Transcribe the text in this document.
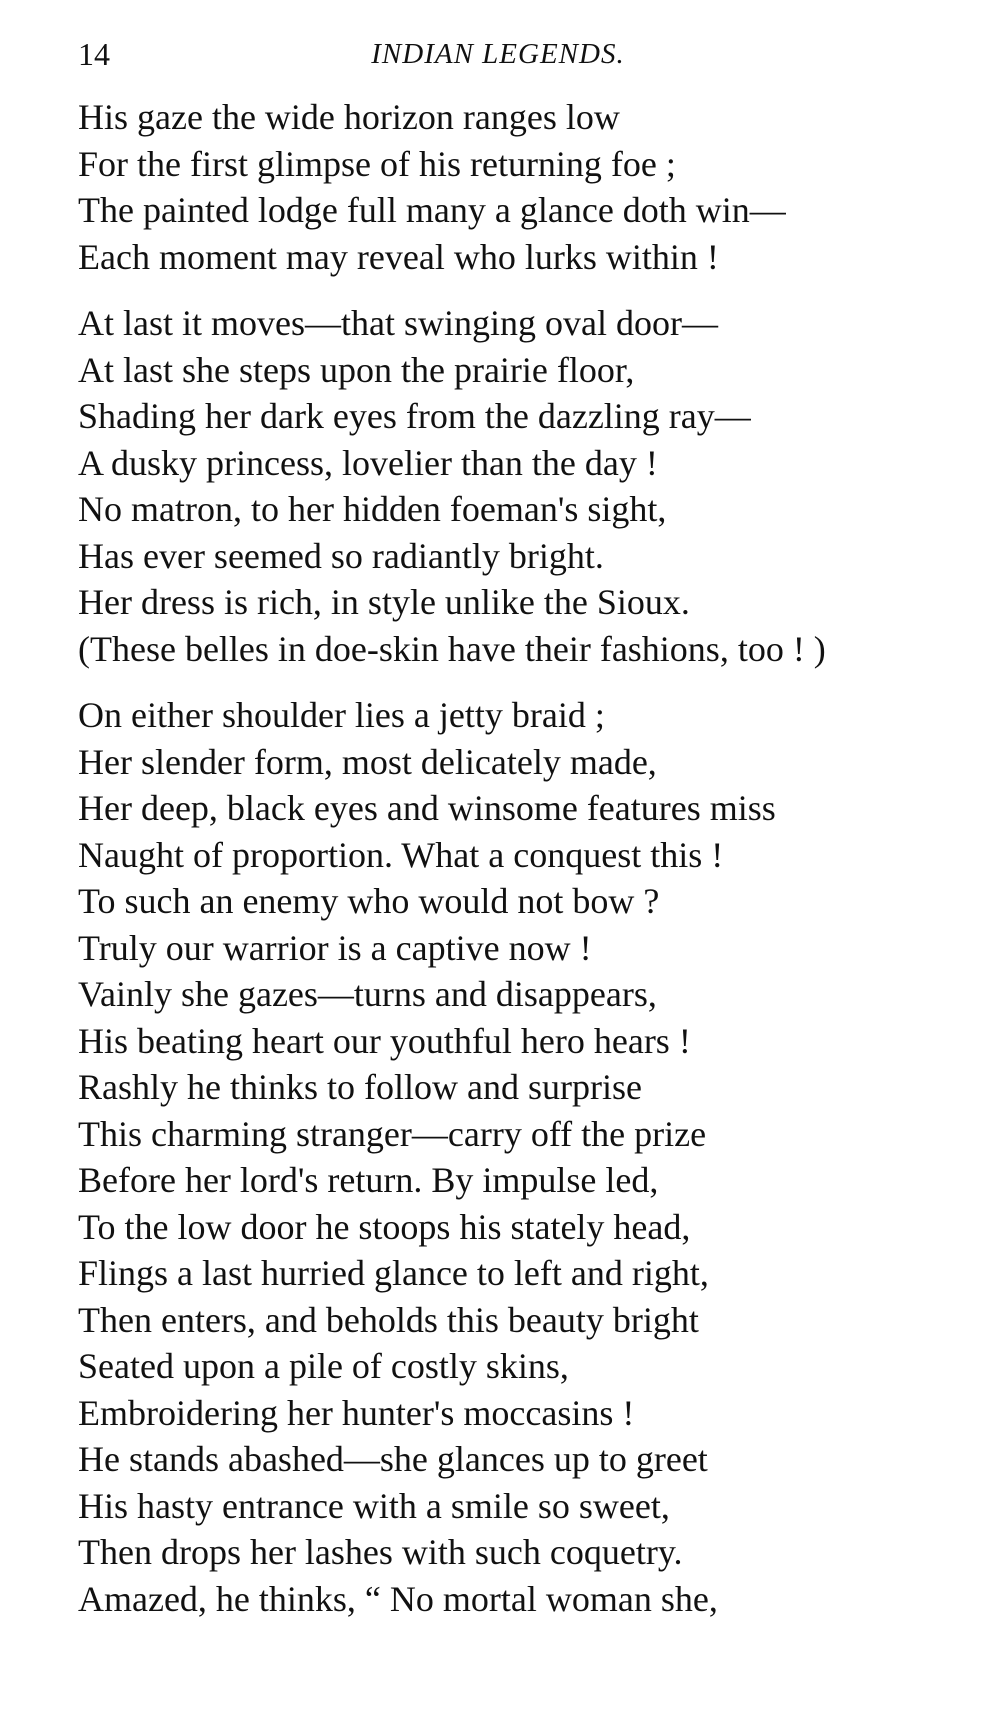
14	INDIAN LEGENDS.
His gaze the wide horizon ranges low
For the first glimpse of his returning foe ;
The painted lodge full many a glance doth win—
Each moment may reveal who lurks within !
At last it moves—that swinging oval door—
At last she steps upon the prairie floor,
Shading her dark eyes from the dazzling ray—
A dusky princess, lovelier than the day !
No matron, to her hidden foeman's sight,
Has ever seemed so radiantly bright.
Her dress is rich, in style unlike the Sioux.
(These belles in doe-skin have their fashions, too ! )
On either shoulder lies a jetty braid ;
Her slender form, most delicately made,
Her deep, black eyes and winsome features miss
Naught of proportion. What a conquest this !
To such an enemy who would not bow ?
Truly our warrior is a captive now !
Vainly she gazes—turns and disappears,
His beating heart our youthful hero hears !
Rashly he thinks to follow and surprise
This charming stranger—carry off the prize
Before her lord's return. By impulse led,
To the low door he stoops his stately head,
Flings a last hurried glance to left and right,
Then enters, and beholds this beauty bright
Seated upon a pile of costly skins,
Embroidering her hunter's moccasins !
He stands abashed—she glances up to greet
His hasty entrance with a smile so sweet,
Then drops her lashes with such coquetry.
Amazed, he thinks, “ No mortal woman she,
